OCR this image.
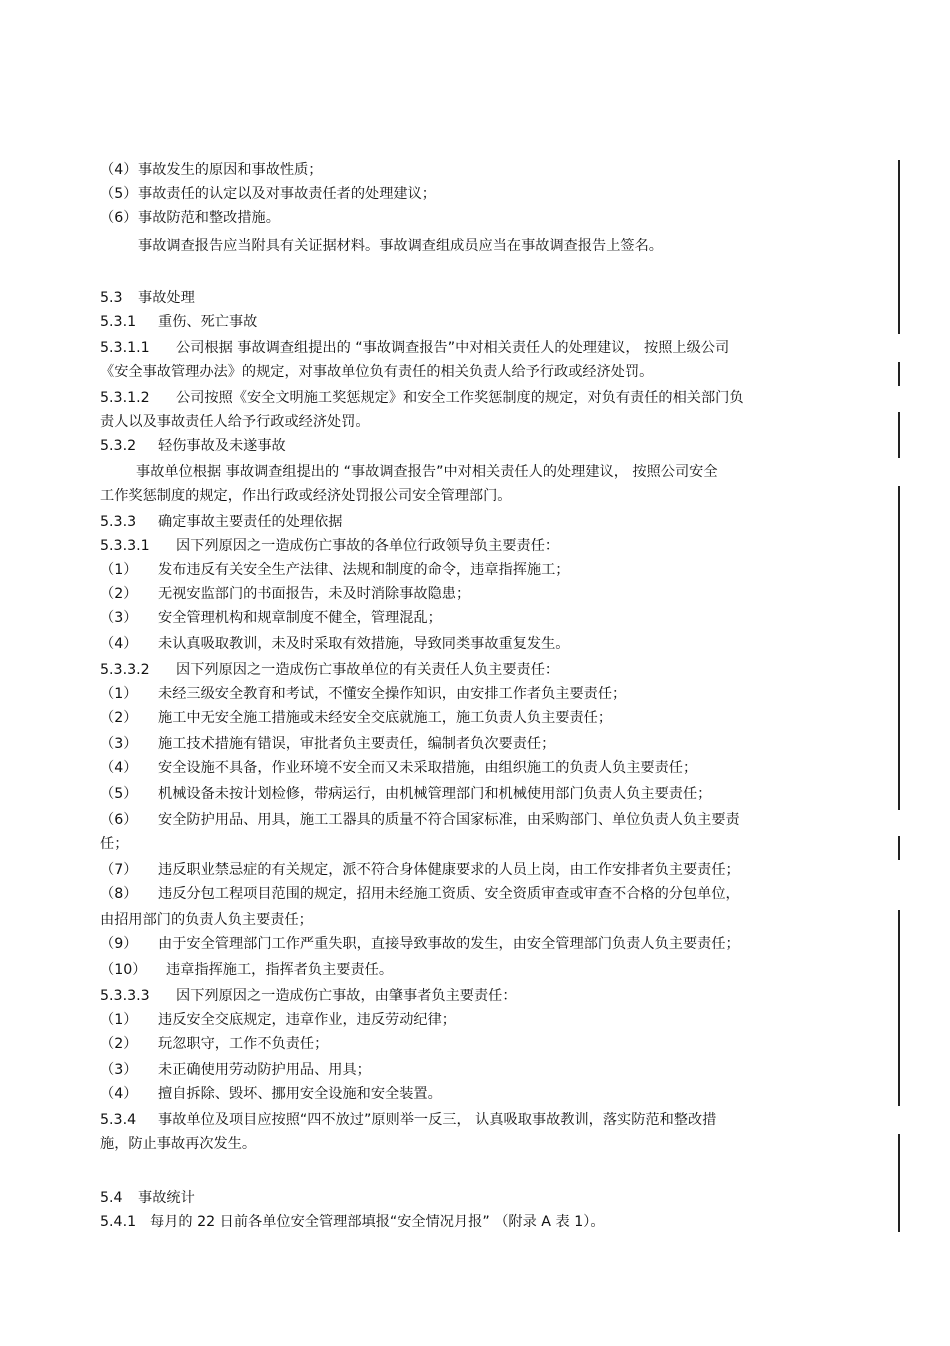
（4） 事故发生的原因和事故性质；
（5） 事故责任的认定以及对事故责任者的处理建议；
（6） 事故防范和整改措施。
事故调查报告应当附具有关证据材料。事故调查组成员应当在事故调查报告上签名。
5.3 事故处理
5.3.1 重伤、死亡事故
5.3.1.1 公司根据 事故调查组提出的 “事故调查报告”中对相关责任人的处理建议， 按照上级公司
《安全事故管理办法》的规定，对事故单位负有责任的相关负责人给予行政或经济处罚。
5.3.1.2 公司按照《安全文明施工奖惩规定》和安全工作奖惩制度的规定，对负有责任的相关部门负
责人以及事故责任人给予行政或经济处罚。
5.3.2 轻伤事故及未遂事故
事故单位根据 事故调查组提出的 “事故调查报告”中对相关责任人的处理建议， 按照公司安全
工作奖惩制度的规定，作出行政或经济处罚报公司安全管理部门。
5.3.3 确定事故主要责任的处理依据
5.3.3.1 因下列原因之一造成伤亡事故的各单位行政领导负主要责任：
（1） 发布违反有关安全生产法律、法规和制度的命令，违章指挥施工；
（2） 无视安监部门的书面报告，未及时消除事故隐患；
（3） 安全管理机构和规章制度不健全，管理混乱；
（4） 未认真吸取教训，未及时采取有效措施，导致同类事故重复发生。
5.3.3.2 因下列原因之一造成伤亡事故单位的有关责任人负主要责任：
（1） 未经三级安全教育和考试，不懂安全操作知识，由安排工作者负主要责任；
（2） 施工中无安全施工措施或未经安全交底就施工，施工负责人负主要责任；
（3） 施工技术措施有错误，审批者负主要责任，编制者负次要责任；
（4） 安全设施不具备，作业环境不安全而又未采取措施，由组织施工的负责人负主要责任；
（5） 机械设备未按计划检修，带病运行，由机械管理部门和机械使用部门负责人负主要责任；
（6） 安全防护用品、用具，施工工器具的质量不符合国家标准，由采购部门、单位负责人负主要责
任；
（7） 违反职业禁忌症的有关规定，派不符合身体健康要求的人员上岗，由工作安排者负主要责任；
（8） 违反分包工程项目范围的规定，招用未经施工资质、安全资质审查或审查不合格的分包单位，
由招用部门的负责人负主要责任；
（9） 由于安全管理部门工作严重失职，直接导致事故的发生，由安全管理部门负责人负主要责任；
（10） 违章指挥施工，指挥者负主要责任。
5.3.3.3 因下列原因之一造成伤亡事故，由肇事者负主要责任：
（1） 违反安全交底规定，违章作业，违反劳动纪律；
（2） 玩忽职守，工作不负责任；
（3） 未正确使用劳动防护用品、用具；
（4） 擅自拆除、毁坏、挪用安全设施和安全装置。
5.3.4 事故单位及项目应按照“四不放过”原则举一反三， 认真吸取事故教训，落实防范和整改措
施，防止事故再次发生。
5.4 事故统计
5.4.1 每月的 22 日前各单位安全管理部填报“安全情况月报” （附录 A 表 1）。
